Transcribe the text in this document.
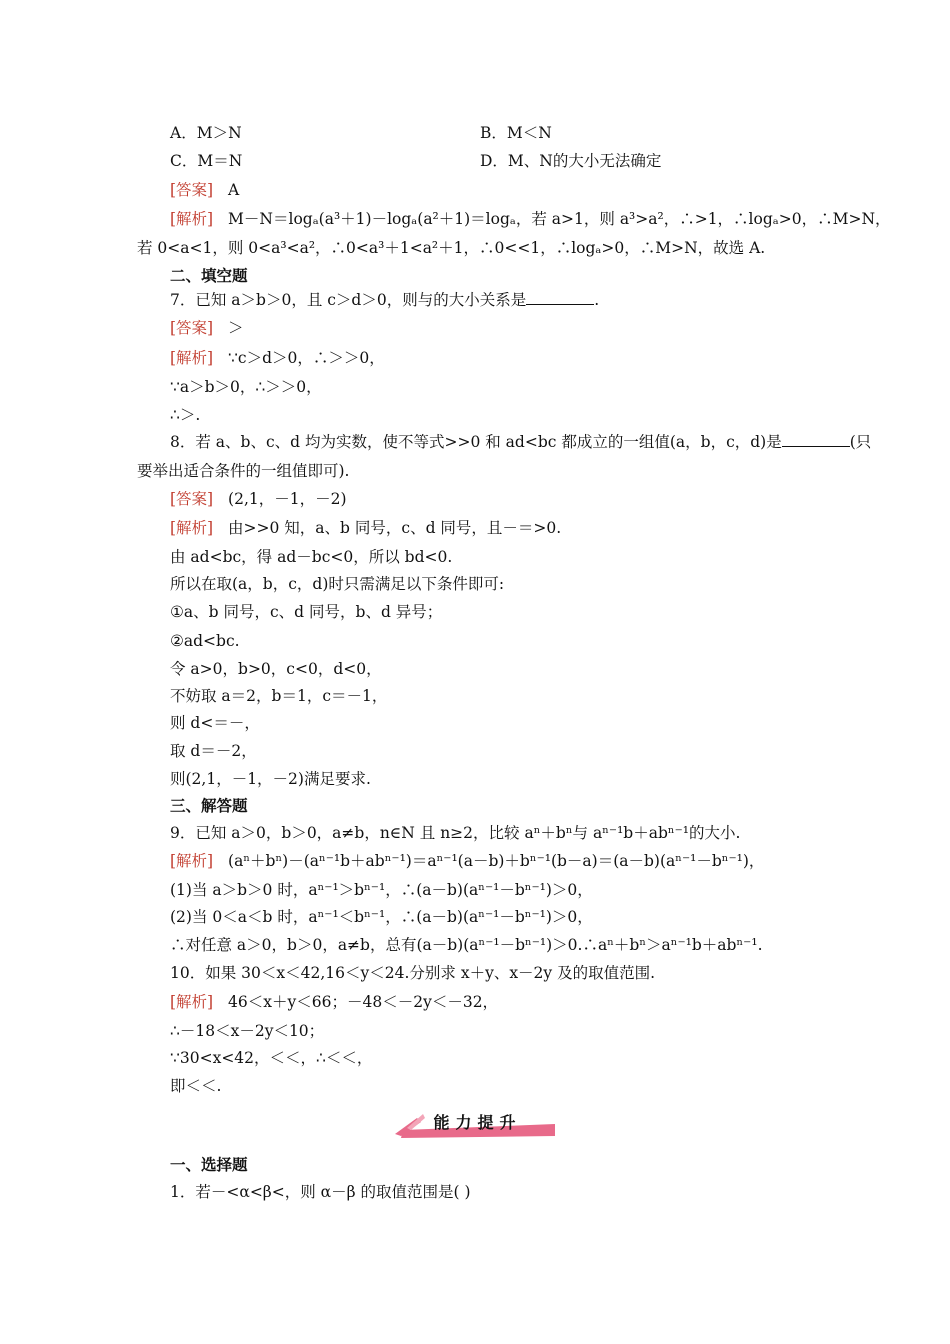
A．M＞N	B．M＜N
C．M＝N	D．M、N的大小无法确定
[答案] A
[解析] M－N＝logₐ(a³＋1)－logₐ(a²＋1)＝logₐ，若 a>1，则 a³>a²，∴>1，∴logₐ>0，∴M>N，
若 0<a<1，则 0<a³<a²，∴0<a³＋1<a²＋1，∴0<<1，∴logₐ>0，∴M>N，故选 A.
二、填空题
7．已知 a＞b＞0，且 c＞d＞0，则与的大小关系是	.
[答案] ＞
[解析] ∵c＞d＞0，∴＞＞0，
∵a＞b＞0，∴＞＞0，
∴＞.
8．若 a、b、c、d 均为实数，使不等式>>0 和 ad<bc 都成立的一组值(a，b，c，d)是	(只
要举出适合条件的一组值即可).
[答案] (2,1，－1，－2)
[解析] 由>>0 知，a、b 同号，c、d 同号，且－＝>0.
由 ad<bc，得 ad－bc<0，所以 bd<0.
所以在取(a，b，c，d)时只需满足以下条件即可:
①a、b 同号，c、d 同号，b、d 异号；
②ad<bc.
令 a>0，b>0，c<0，d<0，
不妨取 a＝2，b＝1，c＝－1，
则 d<＝－，
取 d＝－2，
则(2,1，－1，－2)满足要求.
三、解答题
9．已知 a＞0，b＞0，a≠b，n∈N 且 n≥2，比较 aⁿ＋bⁿ与 aⁿ⁻¹b＋abⁿ⁻¹的大小.
[解析] (aⁿ＋bⁿ)－(aⁿ⁻¹b＋abⁿ⁻¹)＝aⁿ⁻¹(a－b)＋bⁿ⁻¹(b－a)＝(a－b)(aⁿ⁻¹－bⁿ⁻¹)，
(1)当 a＞b＞0 时，aⁿ⁻¹＞bⁿ⁻¹，∴(a－b)(aⁿ⁻¹－bⁿ⁻¹)＞0，
(2)当 0＜a＜b 时，aⁿ⁻¹＜bⁿ⁻¹，∴(a－b)(aⁿ⁻¹－bⁿ⁻¹)＞0，
∴对任意 a＞0，b＞0，a≠b，总有(a－b)(aⁿ⁻¹－bⁿ⁻¹)＞0.∴aⁿ＋bⁿ＞aⁿ⁻¹b＋abⁿ⁻¹.
10．如果 30＜x＜42,16＜y＜24.分别求 x＋y、x－2y 及的取值范围.
[解析] 46＜x＋y＜66；－48＜－2y＜－32，
∴－18＜x－2y＜10；
∵30<x<42，＜＜，∴＜＜，
即＜＜.
能力提升
一、选择题
1．若－<α<β<，则 α－β 的取值范围是( )
